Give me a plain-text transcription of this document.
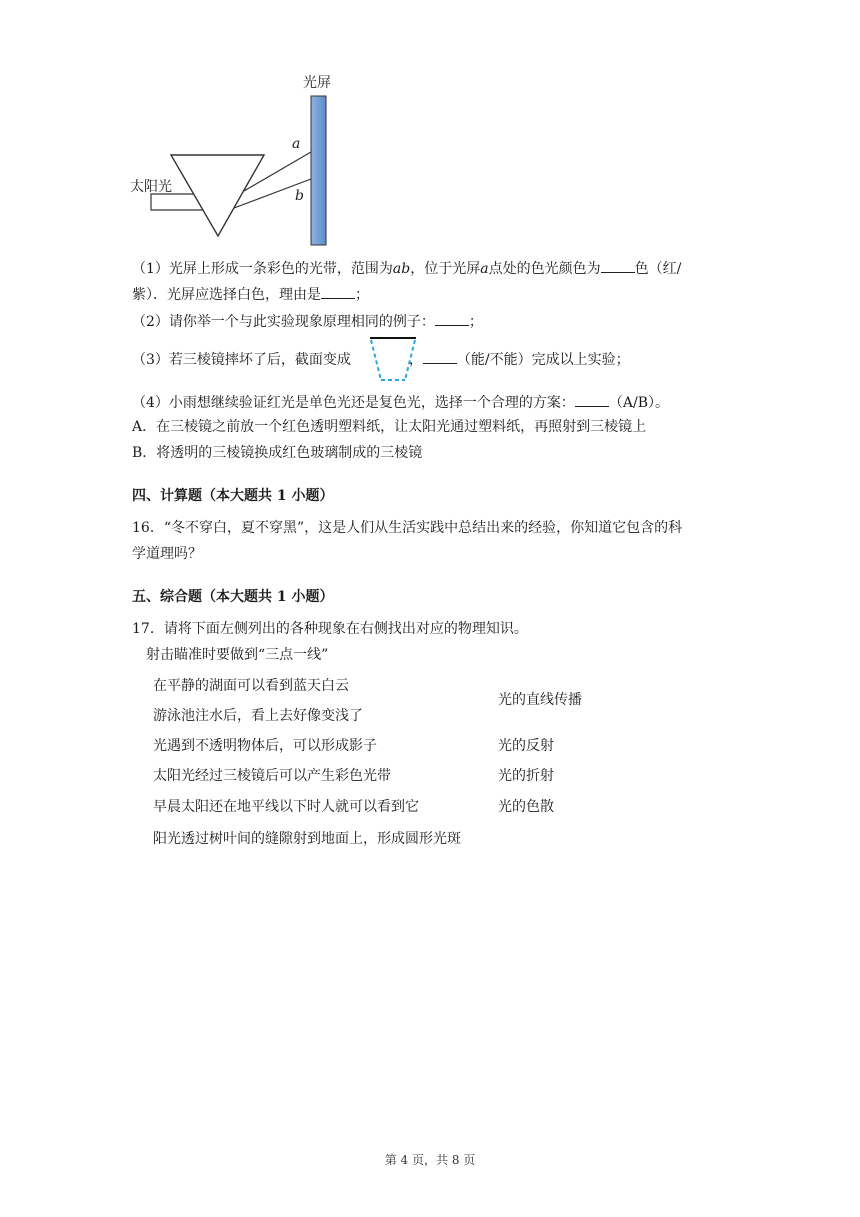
光屏
太阳光
a
b
（1）光屏上形成一条彩色的光带，范围为ab，位于光屏a点处的色光颜色为 色（红/
紫）．光屏应选择白色，理由是 ；
（2）请你举一个与此实验现象原理相同的例子： ；
（3）若三棱镜摔坏了后，截面变成	， （能/不能）完成以上实验；
（4）小雨想继续验证红光是单色光还是复色光，选择一个合理的方案： （A/B）。
A．在三棱镜之前放一个红色透明塑料纸，让太阳光通过塑料纸，再照射到三棱镜上
B．将透明的三棱镜换成红色玻璃制成的三棱镜
四、计算题（本大题共 1 小题）
16．“冬不穿白，夏不穿黑”，这是人们从生活实践中总结出来的经验，你知道它包含的科
学道理吗？
五、综合题（本大题共 1 小题）
17．请将下面左侧列出的各种现象在右侧找出对应的物理知识。
射击瞄准时要做到“三点一线”
在平静的湖面可以看到蓝天白云
游泳池注水后，看上去好像变浅了
光遇到不透明物体后，可以形成影子
太阳光经过三棱镜后可以产生彩色光带
早晨太阳还在地平线以下时人就可以看到它
阳光透过树叶间的缝隙射到地面上，形成圆形光斑
光的直线传播
光的反射
光的折射
光的色散
第 4 页，共 8 页
